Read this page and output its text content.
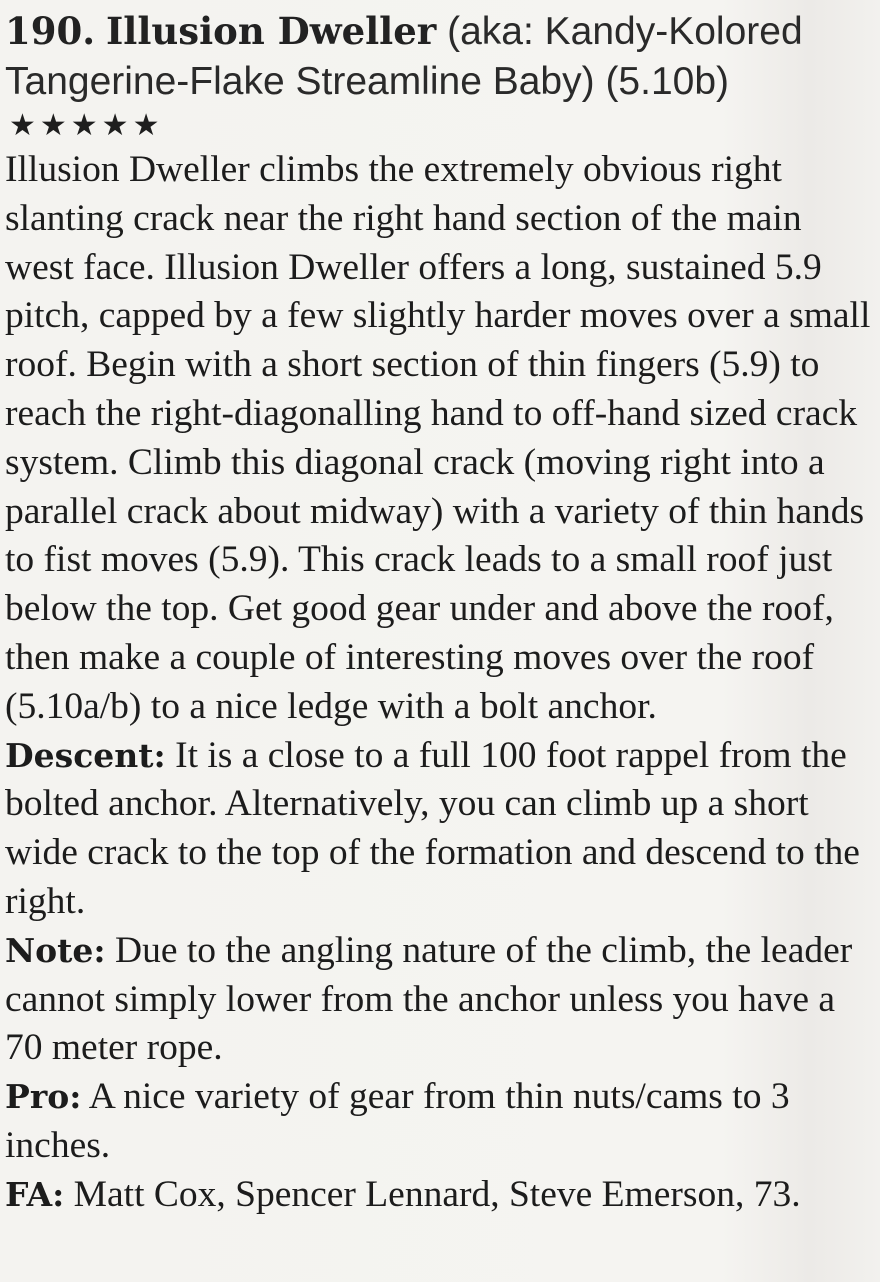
190. Illusion Dweller (aka: Kandy-Kolored Tangerine-Flake Streamline Baby) (5.10b)
★★★★★

Illusion Dweller climbs the extremely obvious right slanting crack near the right hand section of the main west face. Illusion Dweller offers a long, sustained 5.9 pitch, capped by a few slightly harder moves over a small roof. Begin with a short section of thin fingers (5.9) to reach the right-diagonalling hand to off-hand sized crack system. Climb this diagonal crack (moving right into a parallel crack about midway) with a variety of thin hands to fist moves (5.9). This crack leads to a small roof just below the top. Get good gear under and above the roof, then make a couple of interesting moves over the roof (5.10a/b) to a nice ledge with a bolt anchor.

Descent: It is a close to a full 100 foot rappel from the bolted anchor. Alternatively, you can climb up a short wide crack to the top of the formation and descend to the right.

Note: Due to the angling nature of the climb, the leader cannot simply lower from the anchor unless you have a 70 meter rope.

Pro: A nice variety of gear from thin nuts/cams to 3 inches.

FA: Matt Cox, Spencer Lennard, Steve Emerson, 73.
